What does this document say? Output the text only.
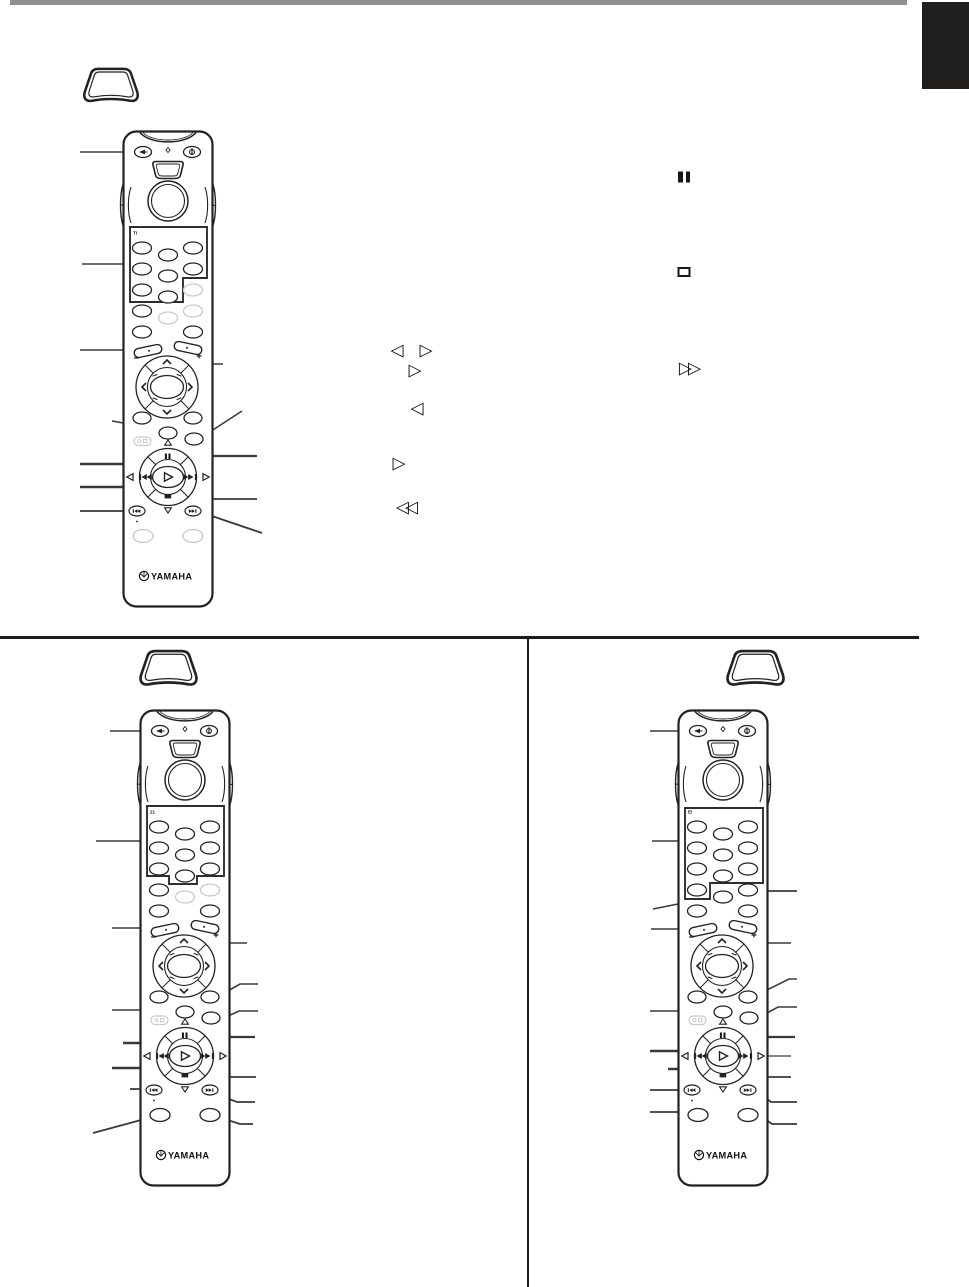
TI
YAMAHA
21
YAMAHA
EI
YAMAHA
◁ ▷
▷
◁
▷
◁◁
▷▷
